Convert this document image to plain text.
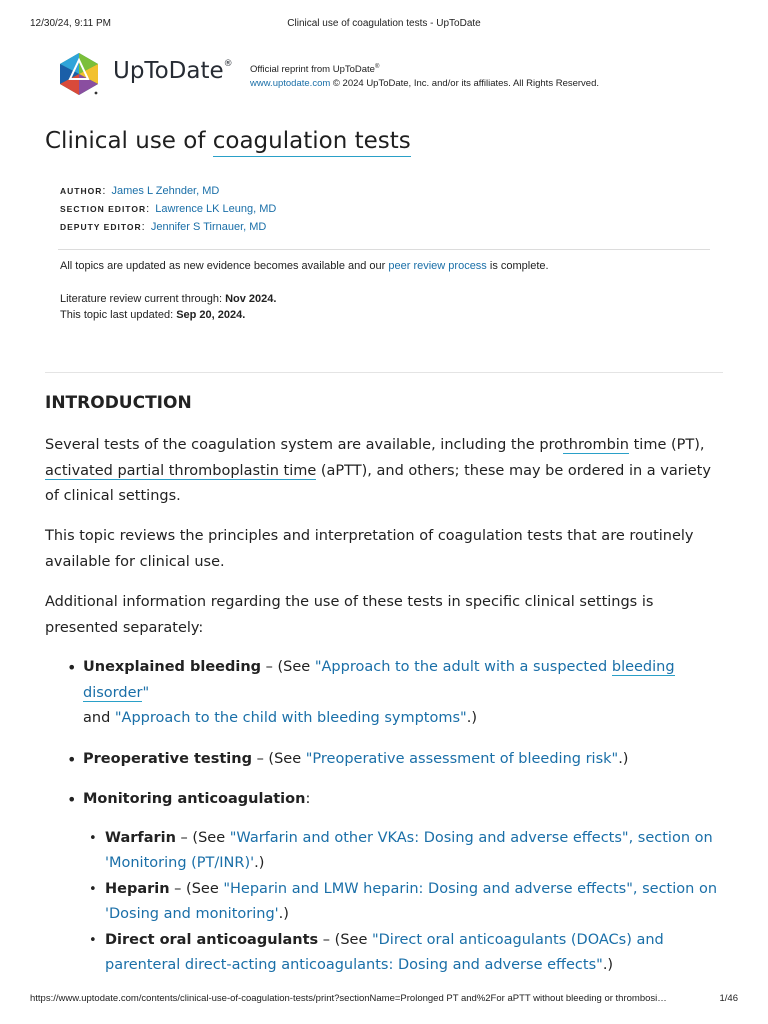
12/30/24, 9:11 PM	Clinical use of coagulation tests - UpToDate
UpToDate®
Official reprint from UpToDate®
www.uptodate.com © 2024 UpToDate, Inc. and/or its affiliates. All Rights Reserved.
Clinical use of coagulation tests
AUTHOR:  James L Zehnder, MD
SECTION EDITOR:  Lawrence LK Leung, MD
DEPUTY EDITOR:  Jennifer S Tirnauer, MD
All topics are updated as new evidence becomes available and our peer review process is complete.
Literature review current through: Nov 2024.
This topic last updated: Sep 20, 2024.
INTRODUCTION

Several tests of the coagulation system are available, including the prothrombin time (PT),
activated partial thromboplastin time (aPTT), and others; these may be ordered in a variety of clinical settings.

This topic reviews the principles and interpretation of coagulation tests that are routinely available for clinical use.

Additional information regarding the use of these tests in specific clinical settings is presented separately:

• Unexplained bleeding – (See "Approach to the adult with a suspected bleeding disorder"
and "Approach to the child with bleeding symptoms".)
• Preoperative testing – (See "Preoperative assessment of bleeding risk".)
• Monitoring anticoagulation:
• Warfarin – (See "Warfarin and other VKAs: Dosing and adverse effects", section on 'Monitoring (PT/INR)'.)
• Heparin – (See "Heparin and LMW heparin: Dosing and adverse effects", section on 'Dosing and monitoring'.)
• Direct oral anticoagulants – (See "Direct oral anticoagulants (DOACs) and parenteral direct-acting anticoagulants: Dosing and adverse effects".)
https://www.uptodate.com/contents/clinical-use-of-coagulation-tests/print?sectionName=Prolonged PT and%2For aPTT without bleeding or thrombosi…	1/46
